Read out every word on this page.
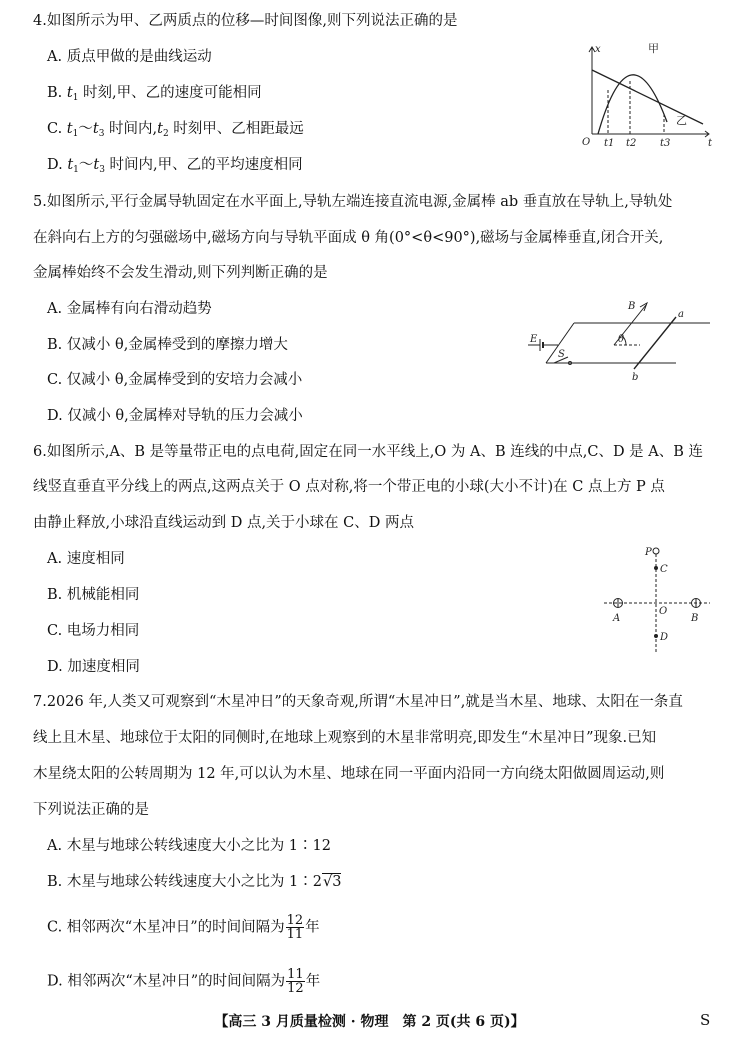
4.如图所示为甲、乙两质点的位移—时间图像,则下列说法正确的是
A. 质点甲做的是曲线运动
B. $t_1$ 时刻,甲、乙的速度可能相同
C. $t_1\sim t_3$ 时间内$,t_2$ 时刻甲、乙相距最远
D. $t_1\sim t_3$ 时间内,甲、乙的平均速度相同
x
t
O t1 t2 t3
甲
乙
5.如图所示,平行金属导轨固定在水平面上,导轨左端连接直流电源,金属棒 ab 垂直放在导轨上,导轨处
在斜向右上方的匀强磁场中,磁场方向与导轨平面成 θ 角(0°<θ<90°),磁场与金属棒垂直,闭合开关,
金属棒始终不会发生滑动,则下列判断正确的是
A. 金属棒有向右滑动趋势
B. 仅减小 θ,金属棒受到的摩擦力增大
C. 仅减小 θ,金属棒受到的安培力会减小
D. 仅减小 θ,金属棒对导轨的压力会减小
B
a
b
E
S
θ
6.如图所示,A、B 是等量带正电的点电荷,固定在同一水平线上,O 为 A、B 连线的中点,C、D 是 A、B 连
线竖直垂直平分线上的两点,这两点关于 O 点对称,将一个带正电的小球(大小不计)在 C 点上方 P 点
由静止释放,小球沿直线运动到 D 点,关于小球在 C、D 两点
A. 速度相同
B. 机械能相同
C. 电场力相同
D. 加速度相同
P
C
O
D
A	B
7.2026 年,人类又可观察到“木星冲日”的天象奇观,所谓“木星冲日”,就是当木星、地球、太阳在一条直
线上且木星、地球位于太阳的同侧时,在地球上观察到的木星非常明亮,即发生“木星冲日”现象.已知
木星绕太阳的公转周期为 12 年,可以认为木星、地球在同一平面内沿同一方向绕太阳做圆周运动,则
下列说法正确的是
A. 木星与地球公转线速度大小之比为 1∶12
B. 木星与地球公转线速度大小之比为 1∶2√3
C. 相邻两次“木星冲日”的时间间隔为 $\frac{12}{11}$ 年
D. 相邻两次“木星冲日”的时间间隔为 $\frac{11}{12}$ 年
【高三 3 月质量检测 · 物理　第 2 页(共 6 页)】	S
